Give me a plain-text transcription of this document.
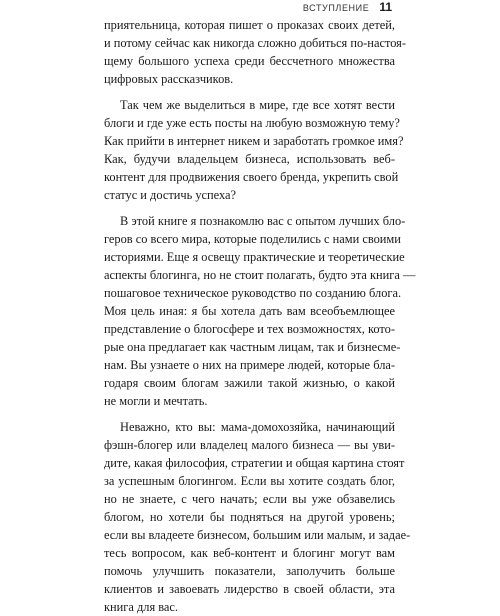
ВСТУПЛЕНИЕ 11
приятельница, которая пишет о проказах своих детей,
и потому сейчас как никогда сложно добиться по-настоя-
щему большого успеха среди бессчетного множества
цифровых рассказчиков.
Так чем же выделиться в мире, где все хотят вести
блоги и где уже есть посты на любую возможную тему?
Как прийти в интернет никем и заработать громкое имя?
Как, будучи владельцем бизнеса, использовать веб-
контент для продвижения своего бренда, укрепить свой
статус и достичь успеха?
В этой книге я познакомлю вас с опытом лучших бло-
геров со всего мира, которые поделились с нами своими
историями. Еще я освещу практические и теоретические
аспекты блогинга, но не стоит полагать, будто эта книга —
пошаговое техническое руководство по созданию блога.
Моя цель иная: я бы хотела дать вам всеобъемлющее
представление о блогосфере и тех возможностях, кото-
рые она предлагает как частным лицам, так и бизнесме-
нам. Вы узнаете о них на примере людей, которые бла-
годаря своим блогам зажили такой жизнью, о какой
не могли и мечтать.
Неважно, кто вы: мама-домохозяйка, начинающий
фэшн-блогер или владелец малого бизнеса — вы уви-
дите, какая философия, стратегии и общая картина стоят
за успешным блогингом. Если вы хотите создать блог,
но не знаете, с чего начать; если вы уже обзавелись
блогом, но хотели бы подняться на другой уровень;
если вы владеете бизнесом, большим или малым, и задае-
тесь вопросом, как веб-контент и блогинг могут вам
помочь улучшить показатели, заполучить больше
клиентов и завоевать лидерство в своей области, эта
книга для вас.
